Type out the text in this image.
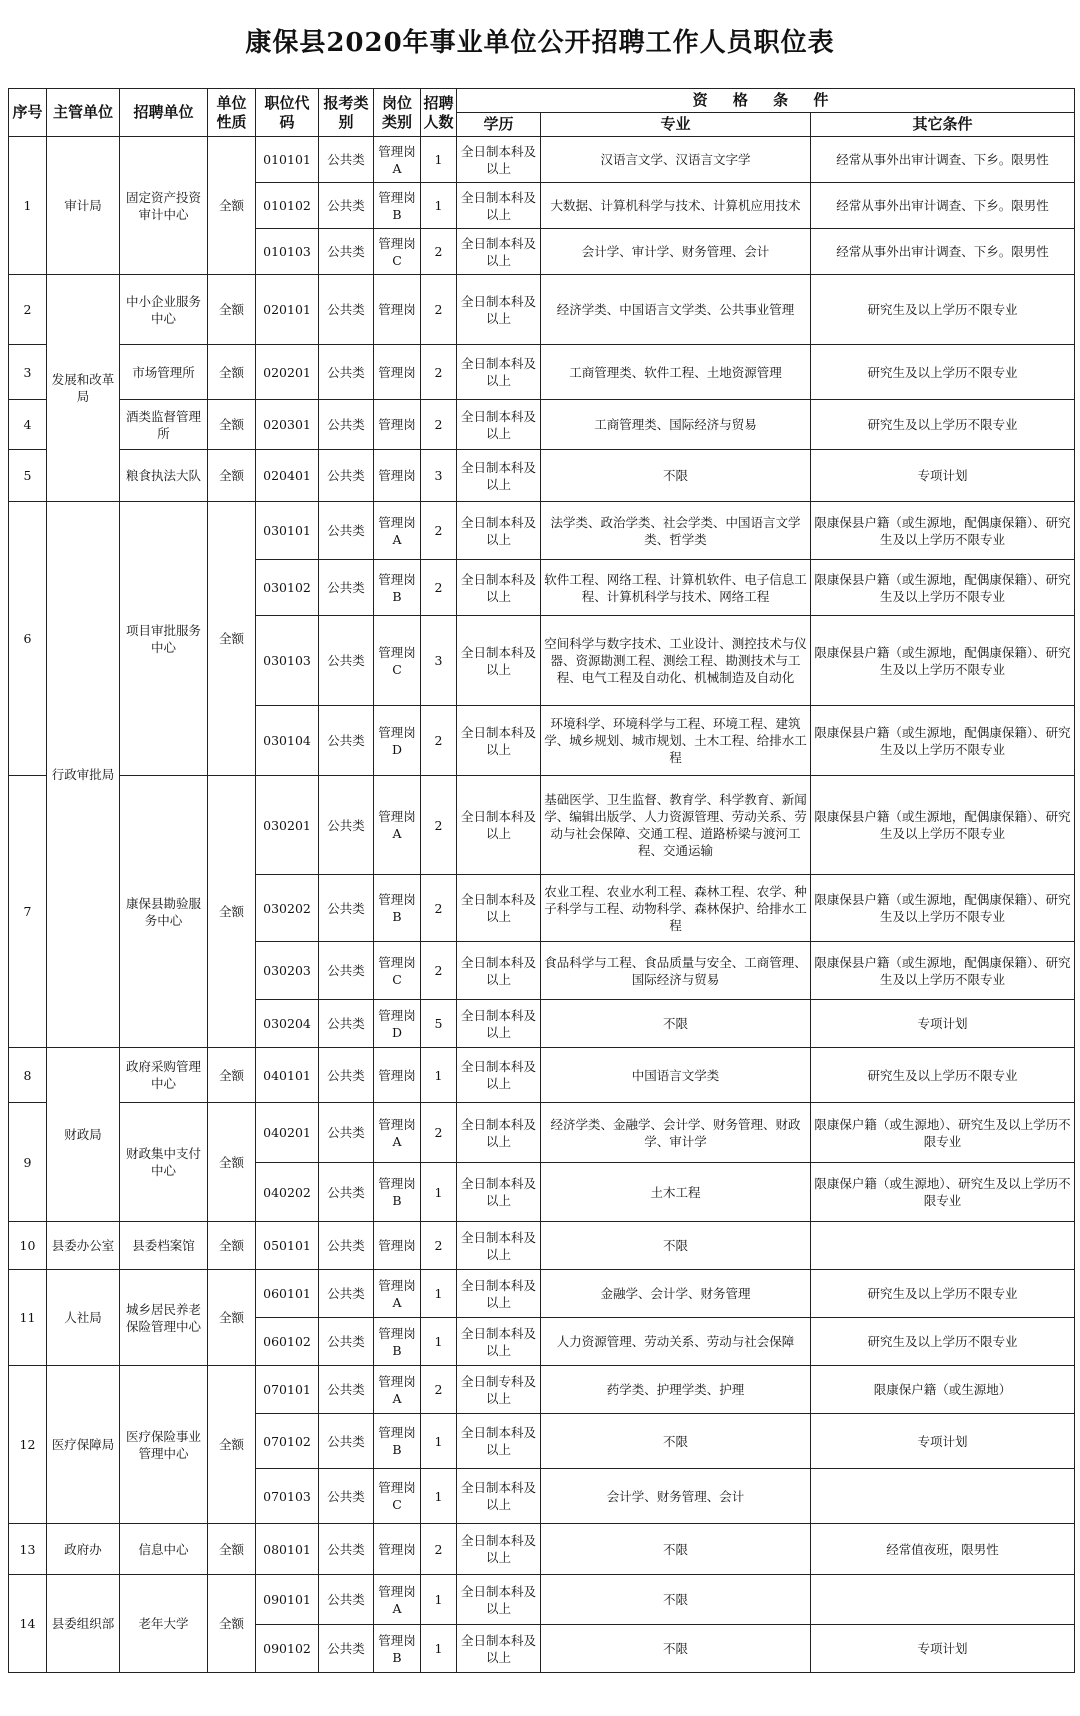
康保县2020年事业单位公开招聘工作人员职位表
序号	主管单位	招聘单位	单位性质	职位代码	报考类别	岗位类别	招聘人数	资 格 条 件		
								学历	专业	其它条件
1	审计局	固定资产投资审计中心	全额	010101	公共类	管理岗A	1	全日制本科及以上	汉语言文学、汉语言文字学	经常从事外出审计调查、下乡。限男性
				010102	公共类	管理岗B	1	全日制本科及以上	大数据、计算机科学与技术、计算机应用技术	经常从事外出审计调查、下乡。限男性
				010103	公共类	管理岗C	2	全日制本科及以上	会计学、审计学、财务管理、会计	经常从事外出审计调查、下乡。限男性
2	发展和改革局	中小企业服务中心	全额	020101	公共类	管理岗	2	全日制本科及以上	经济学类、中国语言文学类、公共事业管理	研究生及以上学历不限专业
3		市场管理所	全额	020201	公共类	管理岗	2	全日制本科及以上	工商管理类、软件工程、土地资源管理	研究生及以上学历不限专业
4		酒类监督管理所	全额	020301	公共类	管理岗	2	全日制本科及以上	工商管理类、国际经济与贸易	研究生及以上学历不限专业
5		粮食执法大队	全额	020401	公共类	管理岗	3	全日制本科及以上	不限	专项计划
6	行政审批局	项目审批服务中心	全额	030101	公共类	管理岗A	2	全日制本科及以上	法学类、政治学类、社会学类、中国语言文学类、哲学类	限康保县户籍（或生源地，配偶康保籍）、研究生及以上学历不限专业
				030102	公共类	管理岗B	2	全日制本科及以上	软件工程、网络工程、计算机软件、电子信息工程、计算机科学与技术、网络工程	限康保县户籍（或生源地，配偶康保籍）、研究生及以上学历不限专业
				030103	公共类	管理岗C	3	全日制本科及以上	空间科学与数字技术、工业设计、测控技术与仪器、资源勘测工程、测绘工程、勘测技术与工程、电气工程及自动化、机械制造及自动化	限康保县户籍（或生源地，配偶康保籍）、研究生及以上学历不限专业
				030104	公共类	管理岗D	2	全日制本科及以上	环境科学、环境科学与工程、环境工程、建筑学、城乡规划、城市规划、土木工程、给排水工程	限康保县户籍（或生源地，配偶康保籍）、研究生及以上学历不限专业
7		康保县勘验服务中心	全额	030201	公共类	管理岗A	2	全日制本科及以上	基础医学、卫生监督、教育学、科学教育、新闻学、编辑出版学、人力资源管理、劳动关系、劳动与社会保障、交通工程、道路桥梁与渡河工程、交通运输	限康保县户籍（或生源地，配偶康保籍）、研究生及以上学历不限专业
				030202	公共类	管理岗B	2	全日制本科及以上	农业工程、农业水利工程、森林工程、农学、种子科学与工程、动物科学、森林保护、给排水工程	限康保县户籍（或生源地，配偶康保籍）、研究生及以上学历不限专业
				030203	公共类	管理岗C	2	全日制本科及以上	食品科学与工程、食品质量与安全、工商管理、国际经济与贸易	限康保县户籍（或生源地，配偶康保籍）、研究生及以上学历不限专业
				030204	公共类	管理岗D	5	全日制本科及以上	不限	专项计划
8	财政局	政府采购管理中心	全额	040101	公共类	管理岗	1	全日制本科及以上	中国语言文学类	研究生及以上学历不限专业
9		财政集中支付中心	全额	040201	公共类	管理岗A	2	全日制本科及以上	经济学类、金融学、会计学、财务管理、财政学、审计学	限康保户籍（或生源地）、研究生及以上学历不限专业
				040202	公共类	管理岗B	1	全日制本科及以上	土木工程	限康保户籍（或生源地）、研究生及以上学历不限专业
10	县委办公室	县委档案馆	全额	050101	公共类	管理岗	2	全日制本科及以上	不限	
11	人社局	城乡居民养老保险管理中心	全额	060101	公共类	管理岗A	1	全日制本科及以上	金融学、会计学、财务管理	研究生及以上学历不限专业
				060102	公共类	管理岗B	1	全日制本科及以上	人力资源管理、劳动关系、劳动与社会保障	研究生及以上学历不限专业
12	医疗保障局	医疗保险事业管理中心	全额	070101	公共类	管理岗A	2	全日制专科及以上	药学类、护理学类、护理	限康保户籍（或生源地）
				070102	公共类	管理岗B	1	全日制本科及以上	不限	专项计划
				070103	公共类	管理岗C	1	全日制本科及以上	会计学、财务管理、会计	
13	政府办	信息中心	全额	080101	公共类	管理岗	2	全日制本科及以上	不限	经常值夜班，限男性
14	县委组织部	老年大学	全额	090101	公共类	管理岗A	1	全日制本科及以上	不限	
				090102	公共类	管理岗B	1	全日制本科及以上	不限	专项计划
